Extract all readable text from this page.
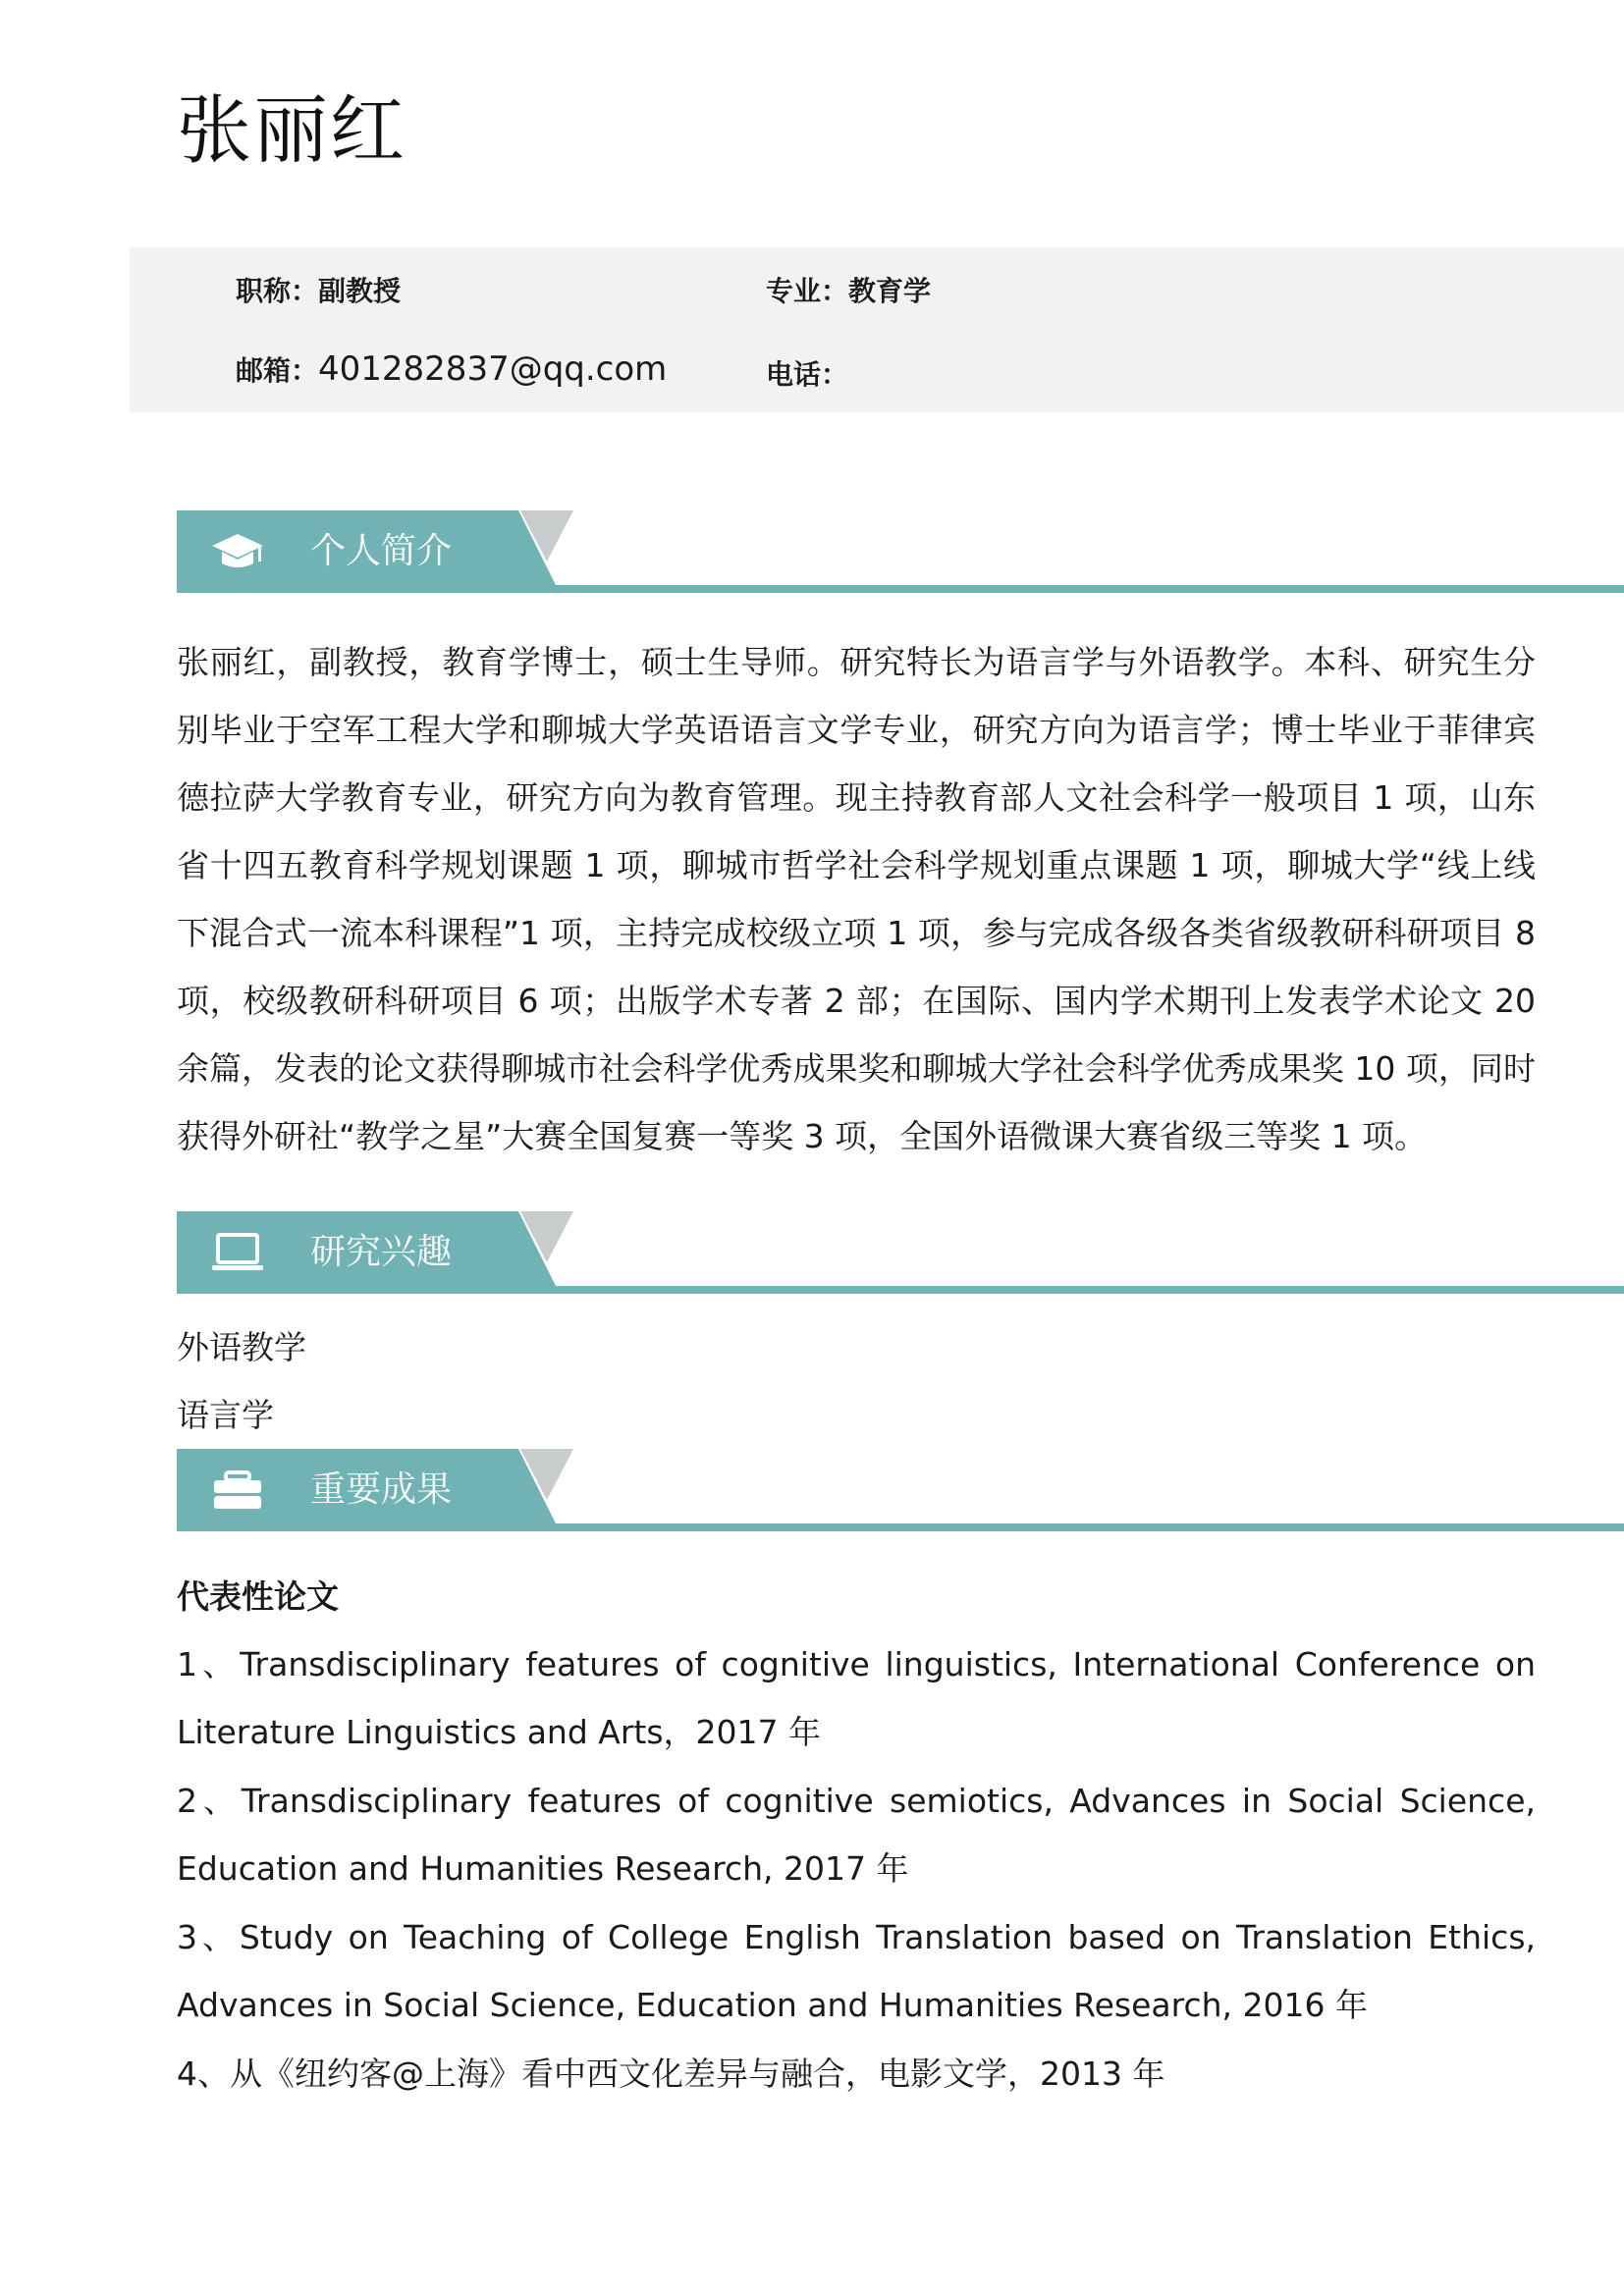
张丽红
职称：副教授	专业：教育学
邮箱：401282837@qq.com	电话：
个人简介

张丽红，副教授，教育学博士，硕士生导师。研究特长为语言学与外语教学。本科、研究生分别毕业于空军工程大学和聊城大学英语语言文学专业，研究方向为语言学；博士毕业于菲律宾德拉萨大学教育专业，研究方向为教育管理。现主持教育部人文社会科学一般项目 1 项，山东省十四五教育科学规划课题 1 项，聊城市哲学社会科学规划重点课题 1 项，聊城大学“线上线下混合式一流本科课程”1 项，主持完成校级立项 1 项，参与完成各级各类省级教研科研项目 8 项，校级教研科研项目 6 项；出版学术专著 2 部；在国际、国内学术期刊上发表学术论文 20 余篇，发表的论文获得聊城市社会科学优秀成果奖和聊城大学社会科学优秀成果奖 10 项，同时获得外研社“教学之星”大赛全国复赛一等奖 3 项，全国外语微课大赛省级三等奖 1 项。

研究兴趣
外语教学
语言学
重要成果
代表性论文

1、Transdisciplinary features of cognitive linguistics, International Conference on Literature Linguistics and Arts，2017 年

2、Transdisciplinary features of cognitive semiotics, Advances in Social Science, Education and Humanities Research, 2017 年

3、Study on Teaching of College English Translation based on Translation Ethics, Advances in Social Science, Education and Humanities Research, 2016 年

4、从《纽约客@上海》看中西文化差异与融合，电影文学，2013 年
